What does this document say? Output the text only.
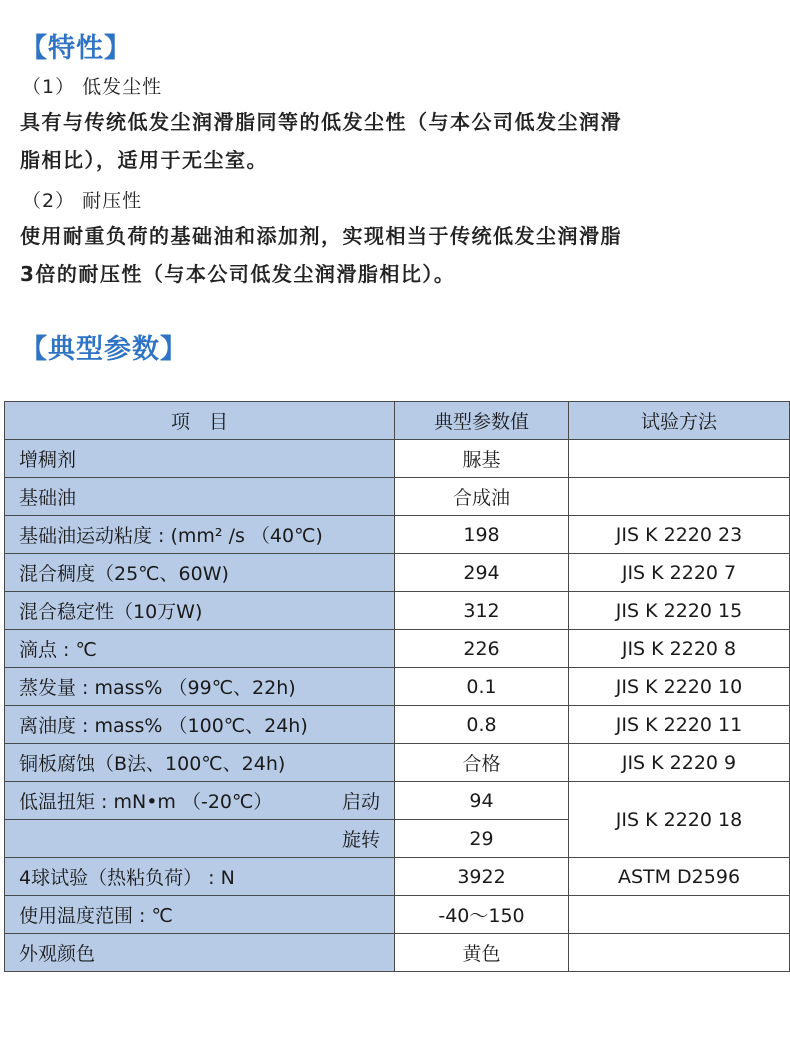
【特性】
（1） 低发尘性
具有与传统低发尘润滑脂同等的低发尘性（与本公司低发尘润滑
脂相比），适用于无尘室。
（2） 耐压性
使用耐重负荷的基础油和添加剂，实现相当于传统低发尘润滑脂
3倍的耐压性（与本公司低发尘润滑脂相比）。
【典型参数】
项　目	典型参数值	试验方法
增稠剂	脲基	
基础油	合成油	
基础油运动粘度 : (mm² /s （40℃)	198	JIS K 2220 23
混合稠度（25℃、60W)	294	JIS K 2220 7
混合稳定性（10万W)	312	JIS K 2220 15
滴点 : ℃	226	JIS K 2220 8
蒸发量 : mass% （99℃、22h)	0.1	JIS K 2220 10
离油度 : mass% （100℃、24h)	0.8	JIS K 2220 11
铜板腐蚀（B法、100℃、24h)	合格	JIS K 2220 9

低温扭矩 : mN•m （-20℃） 启动	94	JIS K 2220 18
旋转	29	
4球试验（热粘负荷） : N	3922	ASTM D2596
使用温度范围 : ℃	-40～150	
外观颜色	黄色	
